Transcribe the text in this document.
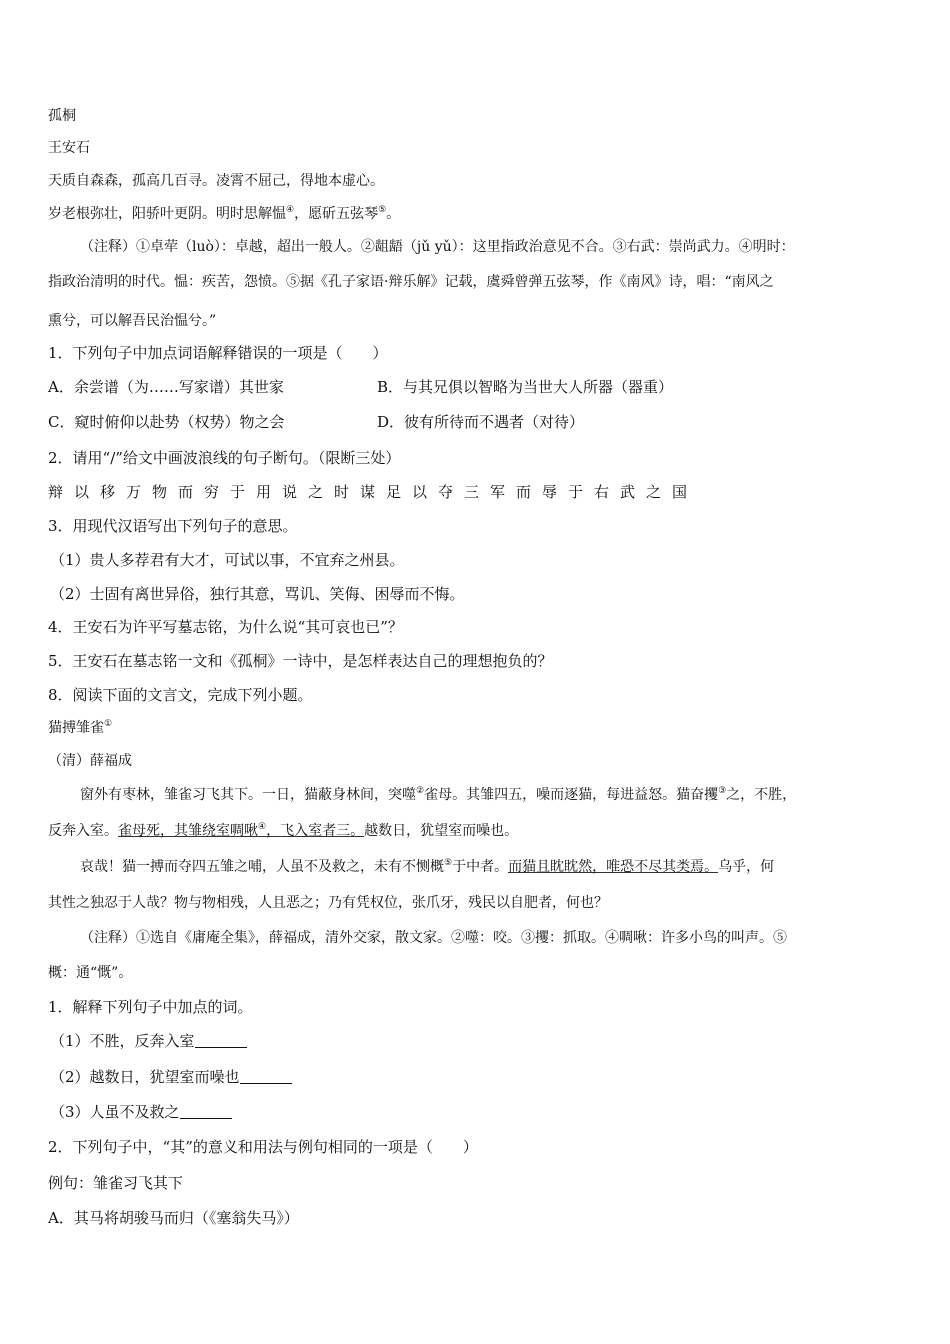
孤桐
王安石
天质自森森，孤高几百寻。凌霄不屈己，得地本虚心。
岁老根弥壮，阳骄叶更阴。明时思解愠④，愿斫五弦琴⑤。
（注释）①卓荦（luò）：卓越，超出一般人。②龃龉（jǔ yǔ）：这里指政治意见不合。③右武：崇尚武力。④明时：
指政治清明的时代。愠：疾苦，怨愤。⑤据《孔子家语·辩乐解》记载，虞舜曾弹五弦琴，作《南风》诗，唱：“南风之
熏兮，可以解吾民治愠兮。”
1．下列句子中加点词语解释错误的一项是（　　）
A．余尝谱（为……写家谱）其世家	B．与其兄俱以智略为当世大人所器（器重）
C．窥时俯仰以赴势（权势）物之会	D．彼有所待而不遇者（对待）
2．请用“/”给文中画波浪线的句子断句。（限断三处）
辩以移万物而穷于用说之时谋足以夺三军而辱于右武之国
3．用现代汉语写出下列句子的意思。
（1）贵人多荐君有大才，可试以事，不宜弃之州县。
（2）士固有离世异俗，独行其意，骂讥、笑侮、困辱而不悔。
4．王安石为许平写墓志铭，为什么说“其可哀也已”？
5．王安石在墓志铭一文和《孤桐》一诗中，是怎样表达自己的理想抱负的？
8．阅读下面的文言文，完成下列小题。
猫搏雏雀①
（清）薛福成
窗外有枣林，雏雀习飞其下。一日，猫蔽身林间，突噬②雀母。其雏四五，噪而逐猫，每进益怒。猫奋攫③之，不胜，
反奔入室。雀母死，其雏绕室啁啾④，飞入室者三。越数日，犹望室而噪也。
哀哉！猫一搏而夺四五雏之哺，人虽不及救之，未有不恻概⑤于中者。而猫且眈眈然，唯恐不尽其类焉。乌乎，何
其性之独忍于人哉？物与物相残，人且恶之；乃有凭权位，张爪牙，残民以自肥者，何也？
（注释）①选自《庸庵全集》，薛福成，清外交家，散文家。②噬：咬。③攫：抓取。④啁啾：许多小鸟的叫声。⑤
概：通“慨”。
1．解释下列句子中加点的词。
（1）不胜，反奔入室
（2）越数日，犹望室而噪也
（3）人虽不及救之
2．下列句子中，“其”的意义和用法与例句相同的一项是（　　）
例句：雏雀习飞其下
A．其马将胡骏马而归（《塞翁失马》）
